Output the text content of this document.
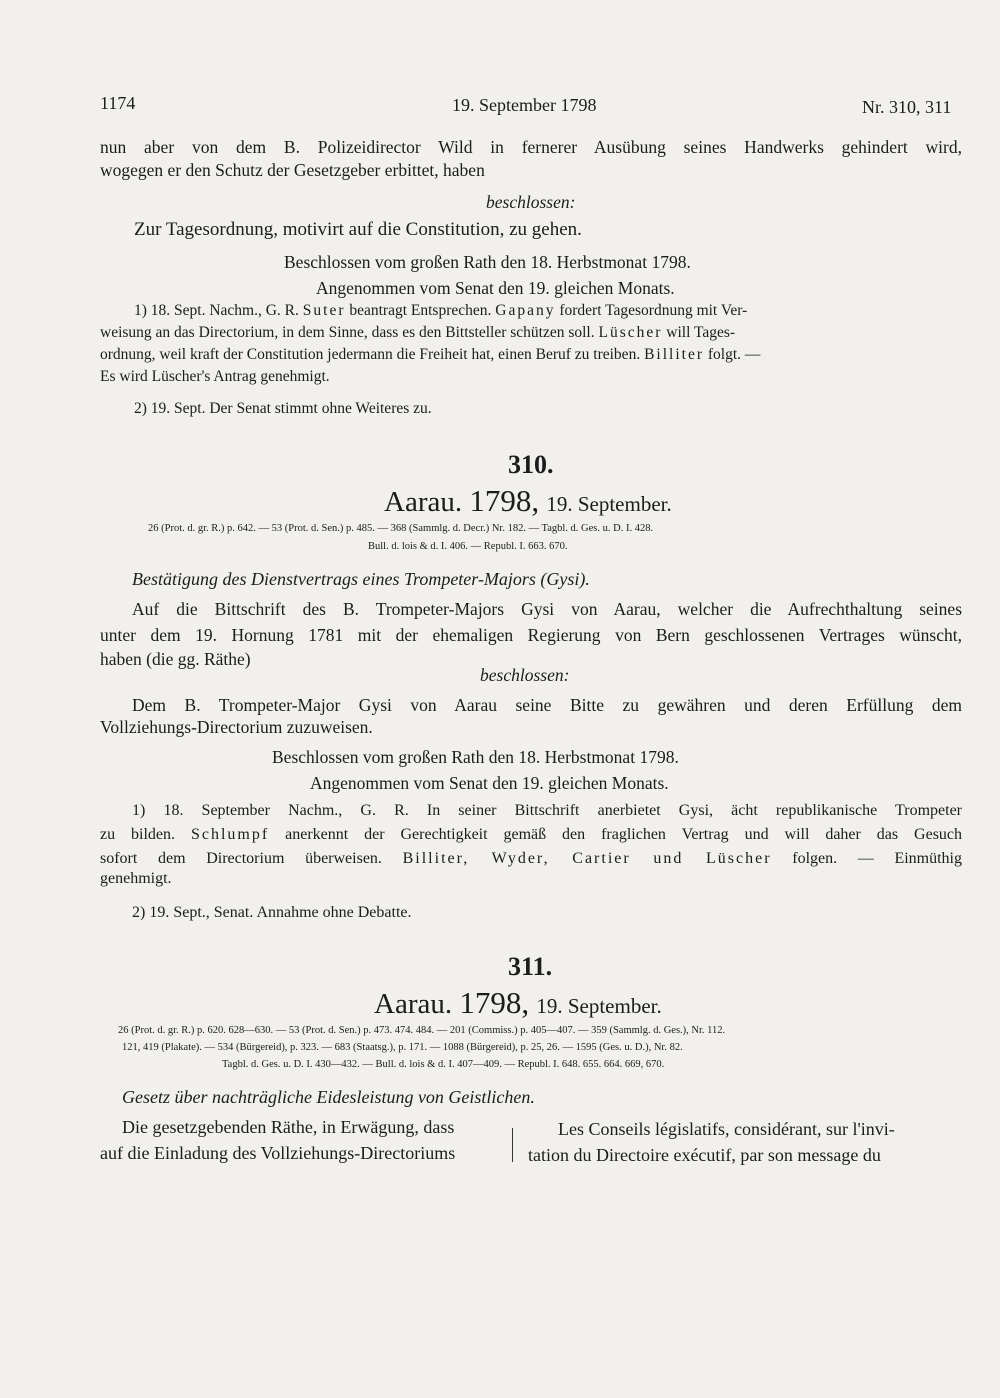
1174	19. September 1798	Nr. 310, 311
nun aber von dem B. Polizeidirector Wild in fernerer Ausübung seines Handwerks gehindert wird,
wogegen er den Schutz der Gesetzgeber erbittet, haben
beschlossen:
Zur Tagesordnung, motivirt auf die Constitution, zu gehen.
Beschlossen vom großen Rath den 18. Herbstmonat 1798.
Angenommen vom Senat den 19. gleichen Monats.
1) 18. Sept. Nachm., G. R. Suter beantragt Entsprechen. Gapany fordert Tagesordnung mit Ver-
weisung an das Directorium, in dem Sinne, dass es den Bittsteller schützen soll. Lüscher will Tages-
ordnung, weil kraft der Constitution jedermann die Freiheit hat, einen Beruf zu treiben. Billiter folgt. —
Es wird Lüscher's Antrag genehmigt.
2) 19. Sept. Der Senat stimmt ohne Weiteres zu.
310.
Aarau. 1798, 19. September.
26 (Prot. d. gr. R.) p. 642. — 53 (Prot. d. Sen.) p. 485. — 368 (Sammlg. d. Decr.) Nr. 182. — Tagbl. d. Ges. u. D. I. 428.
Bull. d. lois & d. I. 406. — Republ. I. 663. 670.
Bestätigung des Dienstvertrags eines Trompeter-Majors (Gysi).
Auf die Bittschrift des B. Trompeter-Majors Gysi von Aarau, welcher die Aufrechthaltung seines
unter dem 19. Hornung 1781 mit der ehemaligen Regierung von Bern geschlossenen Vertrages wünscht,
haben (die gg. Räthe)
beschlossen:
Dem B. Trompeter-Major Gysi von Aarau seine Bitte zu gewähren und deren Erfüllung dem
Vollziehungs-Directorium zuzuweisen.
Beschlossen vom großen Rath den 18. Herbstmonat 1798.
Angenommen vom Senat den 19. gleichen Monats.
1) 18. September Nachm., G. R. In seiner Bittschrift anerbietet Gysi, ächt republikanische Trompeter
zu bilden. Schlumpf anerkennt der Gerechtigkeit gemäß den fraglichen Vertrag und will daher das Gesuch
sofort dem Directorium überweisen. Billiter, Wyder, Cartier und Lüscher folgen. — Einmüthig
genehmigt.
2) 19. Sept., Senat. Annahme ohne Debatte.
311.
Aarau. 1798, 19. September.
26 (Prot. d. gr. R.) p. 620. 628—630. — 53 (Prot. d. Sen.) p. 473. 474. 484. — 201 (Commiss.) p. 405—407. — 359 (Sammlg. d. Ges.), Nr. 112.
121, 419 (Plakate). — 534 (Bürgereid), p. 323. — 683 (Staatsg.), p. 171. — 1088 (Bürgereid), p. 25, 26. — 1595 (Ges. u. D.), Nr. 82.
Tagbl. d. Ges. u. D. I. 430—432. — Bull. d. lois & d. I. 407—409. — Republ. I. 648. 655. 664. 669, 670.
Gesetz über nachträgliche Eidesleistung von Geistlichen.
Die gesetzgebenden Räthe, in Erwägung, dass
auf die Einladung des Vollziehungs-Directoriums
Les Conseils législatifs, considérant, sur l'invi-
tation du Directoire exécutif, par son message du
